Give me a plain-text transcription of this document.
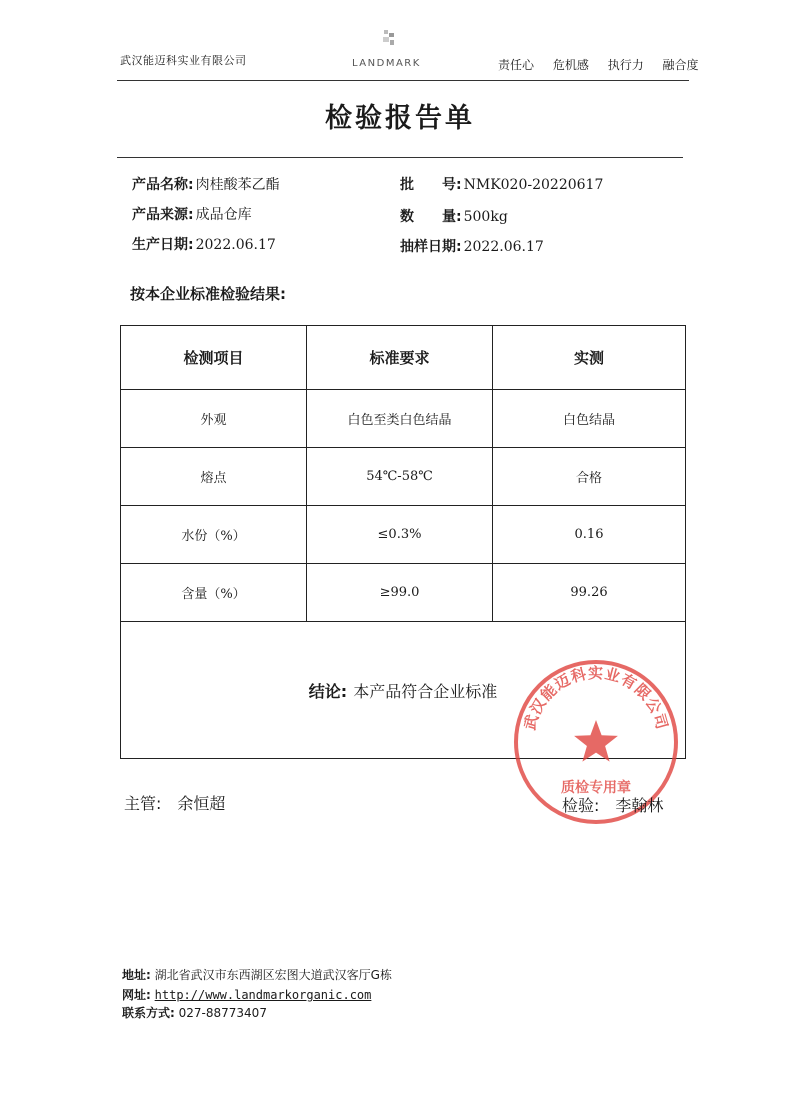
武汉能迈科实业有限公司	LANDMARK	责任心 危机感 执行力 融合度
检验报告单
产品名称: 肉桂酸苯乙酯	批　　号: NMK020-20220617
产品来源: 成品仓库	数　　量: 500kg
生产日期: 2022.06.17	抽样日期: 2022.06.17
按本企业标准检验结果:
检测项目	标准要求	实测
外观	白色至类白色结晶	白色结晶
熔点	54℃-58℃	合格
水份（%）	≤0.3%	0.16
含量（%）	≥99.0	99.26
结论: 本产品符合企业标准
武汉能迈科实业有限公司
质检专用章
主管:　余恒超	检验:　李翰林
地址: 湖北省武汉市东西湖区宏图大道武汉客厅G栋
网址: http://www.landmarkorganic.com
联系方式: 027-88773407
